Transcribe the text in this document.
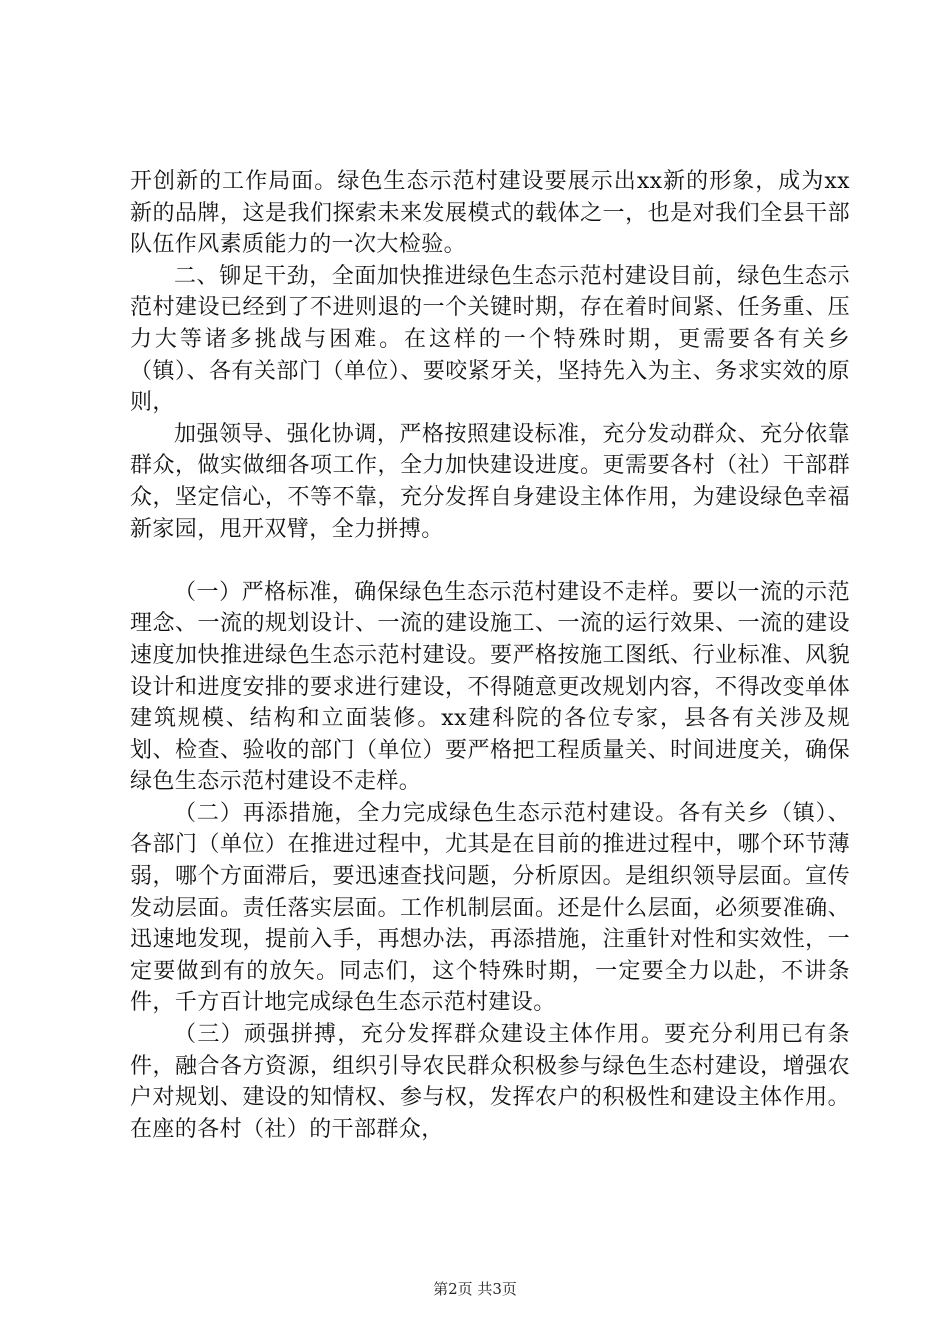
开创新的工作局面。绿色生态示范村建设要展示出xx新的形象，成为xx新的品牌，这是我们探索未来发展模式的载体之一，也是对我们全县干部队伍作风素质能力的一次大检验。

二、铆足干劲，全面加快推进绿色生态示范村建设目前，绿色生态示范村建设已经到了不进则退的一个关键时期，存在着时间紧、任务重、压力大等诸多挑战与困难。在这样的一个特殊时期，更需要各有关乡（镇）、各有关部门（单位）、要咬紧牙关，坚持先入为主、务求实效的原则，

加强领导、强化协调，严格按照建设标准，充分发动群众、充分依靠群众，做实做细各项工作，全力加快建设进度。更需要各村（社）干部群众，坚定信心，不等不靠，充分发挥自身建设主体作用，为建设绿色幸福新家园，甩开双臂，全力拼搏。

（一）严格标准，确保绿色生态示范村建设不走样。要以一流的示范理念、一流的规划设计、一流的建设施工、一流的运行效果、一流的建设速度加快推进绿色生态示范村建设。要严格按施工图纸、行业标准、风貌设计和进度安排的要求进行建设，不得随意更改规划内容，不得改变单体建筑规模、结构和立面装修。xx建科院的各位专家，县各有关涉及规划、检查、验收的部门（单位）要严格把工程质量关、时间进度关，确保绿色生态示范村建设不走样。

（二）再添措施，全力完成绿色生态示范村建设。各有关乡（镇）、各部门（单位）在推进过程中，尤其是在目前的推进过程中，哪个环节薄弱，哪个方面滞后，要迅速查找问题，分析原因。是组织领导层面。宣传发动层面。责任落实层面。工作机制层面。还是什么层面，必须要准确、迅速地发现，提前入手，再想办法，再添措施，注重针对性和实效性，一定要做到有的放矢。同志们，这个特殊时期，一定要全力以赴，不讲条件，千方百计地完成绿色生态示范村建设。

（三）顽强拼搏，充分发挥群众建设主体作用。要充分利用已有条件，融合各方资源，组织引导农民群众积极参与绿色生态村建设，增强农户对规划、建设的知情权、参与权，发挥农户的积极性和建设主体作用。在座的各村（社）的干部群众，

第2页 共3页
